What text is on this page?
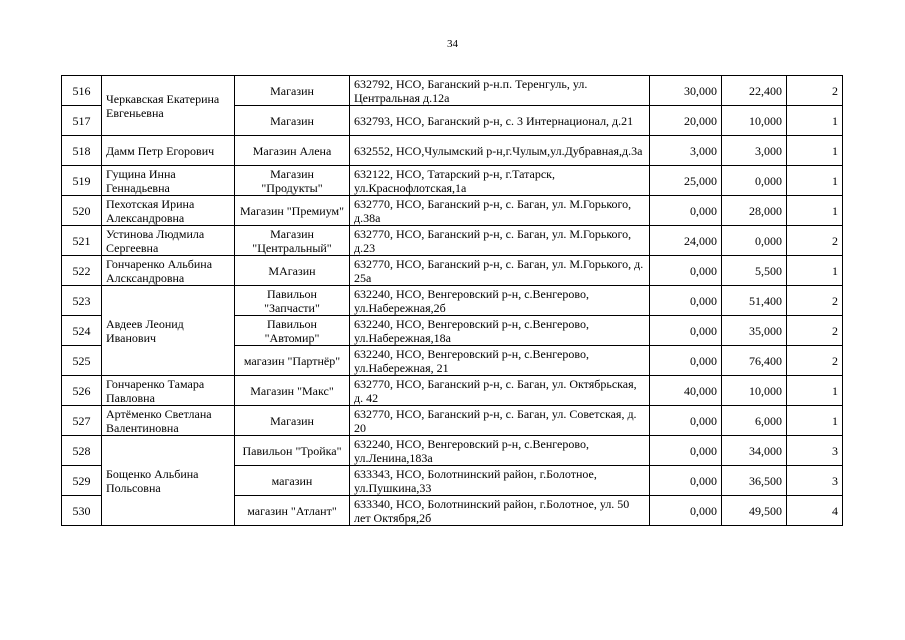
34
516	Черкавская Екатерина Евгеньевна	Магазин	632792, НСО, Баганский р-н.п. Теренгуль, ул. Центральная д.12а	30,000	22,400	2
517		Магазин	632793, НСО, Баганский р-н, с. 3 Интернационал, д.21	20,000	10,000	1
518	Дамм Петр Егорович	Магазин Алена	632552, НСО,Чулымский р-н,г.Чулым,ул.Дубравная,д.3а	3,000	3,000	1
519	Гущина Инна Геннадьевна	Магазин "Продукты"	632122, НСО, Татарский р-н, г.Татарск, ул.Краснофлотская,1а	25,000	0,000	1
520	Пехотская Ирина Александровна	Магазин "Премиум"	632770, НСО, Баганский р-н, с. Баган, ул. М.Горького, д.38а	0,000	28,000	1
521	Устинова Людмила Сергеевна	Магазин "Центральный"	632770, НСО, Баганский р-н, с. Баган, ул. М.Горького, д.23	24,000	0,000	2
522	Гончаренко Альбина Алсксандровна	МАгазин	632770, НСО, Баганский р-н, с. Баган, ул. М.Горького, д. 25а	0,000	5,500	1
523	Авдеев Леонид Иванович	Павильон "Запчасти"	632240, НСО, Венгеровский р-н, с.Венгерово, ул.Набережная,2б	0,000	51,400	2
524		Павильон "Автомир"	632240, НСО, Венгеровский р-н, с.Венгерово, ул.Набережная,18а	0,000	35,000	2
525		магазин "Партнёр"	632240, НСО, Венгеровский р-н, с.Венгерово, ул.Набережная, 21	0,000	76,400	2
526	Гончаренко Тамара Павловна	Магазин "Макс"	632770, НСО, Баганский р-н, с. Баган, ул. Октябрьская, д. 42	40,000	10,000	1
527	Артёменко Светлана Валентиновна	Магазин	632770, НСО, Баганский р-н, с. Баган, ул. Советская, д. 20	0,000	6,000	1
528	Бощенко Альбина Польсовна	Павильон "Тройка"	632240, НСО, Венгеровский р-н, с.Венгерово, ул.Ленина,183а	0,000	34,000	3
529		магазин	633343, НСО, Болотнинский район, г.Болотное, ул.Пушкина,33	0,000	36,500	3
530		магазин "Атлант"	633340, НСО, Болотнинский район, г.Болотное, ул. 50 лет Октября,2б	0,000	49,500	4
